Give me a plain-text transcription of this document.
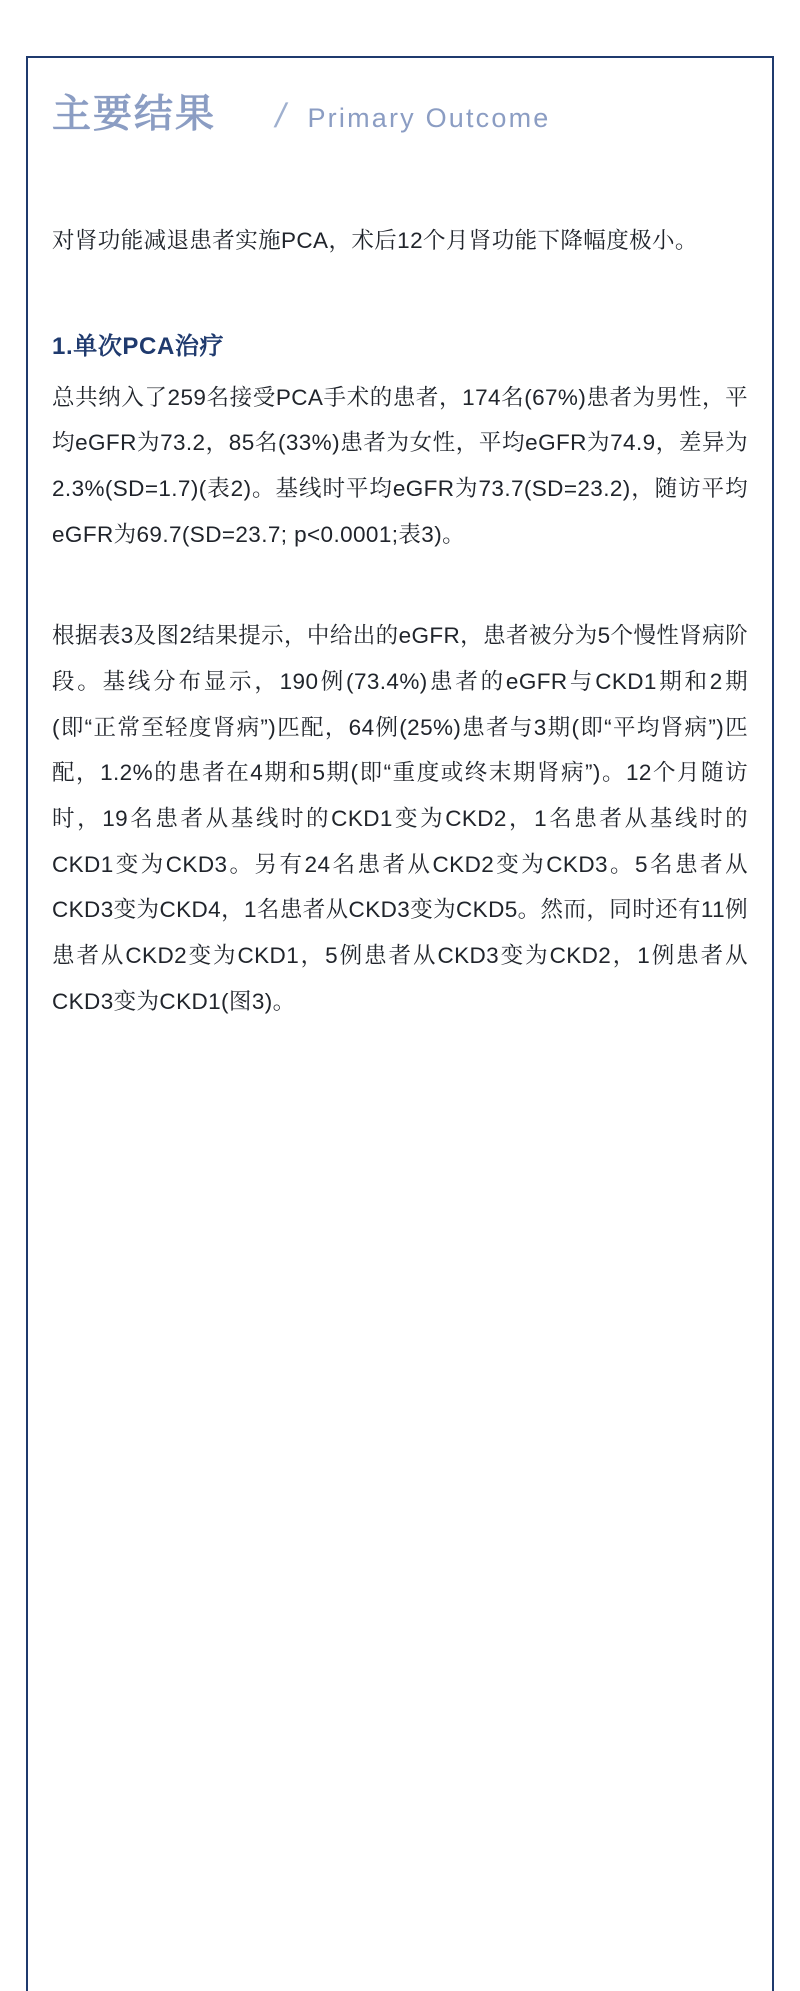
主要结果 / Primary Outcome

对肾功能减退患者实施PCA，术后12个月肾功能下降幅度极小。

1.单次PCA治疗

总共纳入了259名接受PCA手术的患者，174名(67%)患者为男性，平均eGFR为73.2，85名(33%)患者为女性，平均eGFR为74.9，差异为2.3%(SD=1.7)(表2)。基线时平均eGFR为73.7(SD=23.2)，随访平均eGFR为69.7(SD=23.7; p<0.0001;表3)。

根据表3及图2结果提示，中给出的eGFR，患者被分为5个慢性肾病阶段。基线分布显示，190例(73.4%)患者的eGFR与CKD1期和2期(即“正常至轻度肾病”)匹配，64例(25%)患者与3期(即“平均肾病”)匹配，1.2%的患者在4期和5期(即“重度或终末期肾病”)。12个月随访时，19名患者从基线时的CKD1变为CKD2，1名患者从基线时的CKD1变为CKD3。另有24名患者从CKD2变为CKD3。5名患者从CKD3变为CKD4，1名患者从CKD3变为CKD5。然而，同时还有11例患者从CKD2变为CKD1，5例患者从CKD3变为CKD2，1例患者从CKD3变为CKD1(图3)。
